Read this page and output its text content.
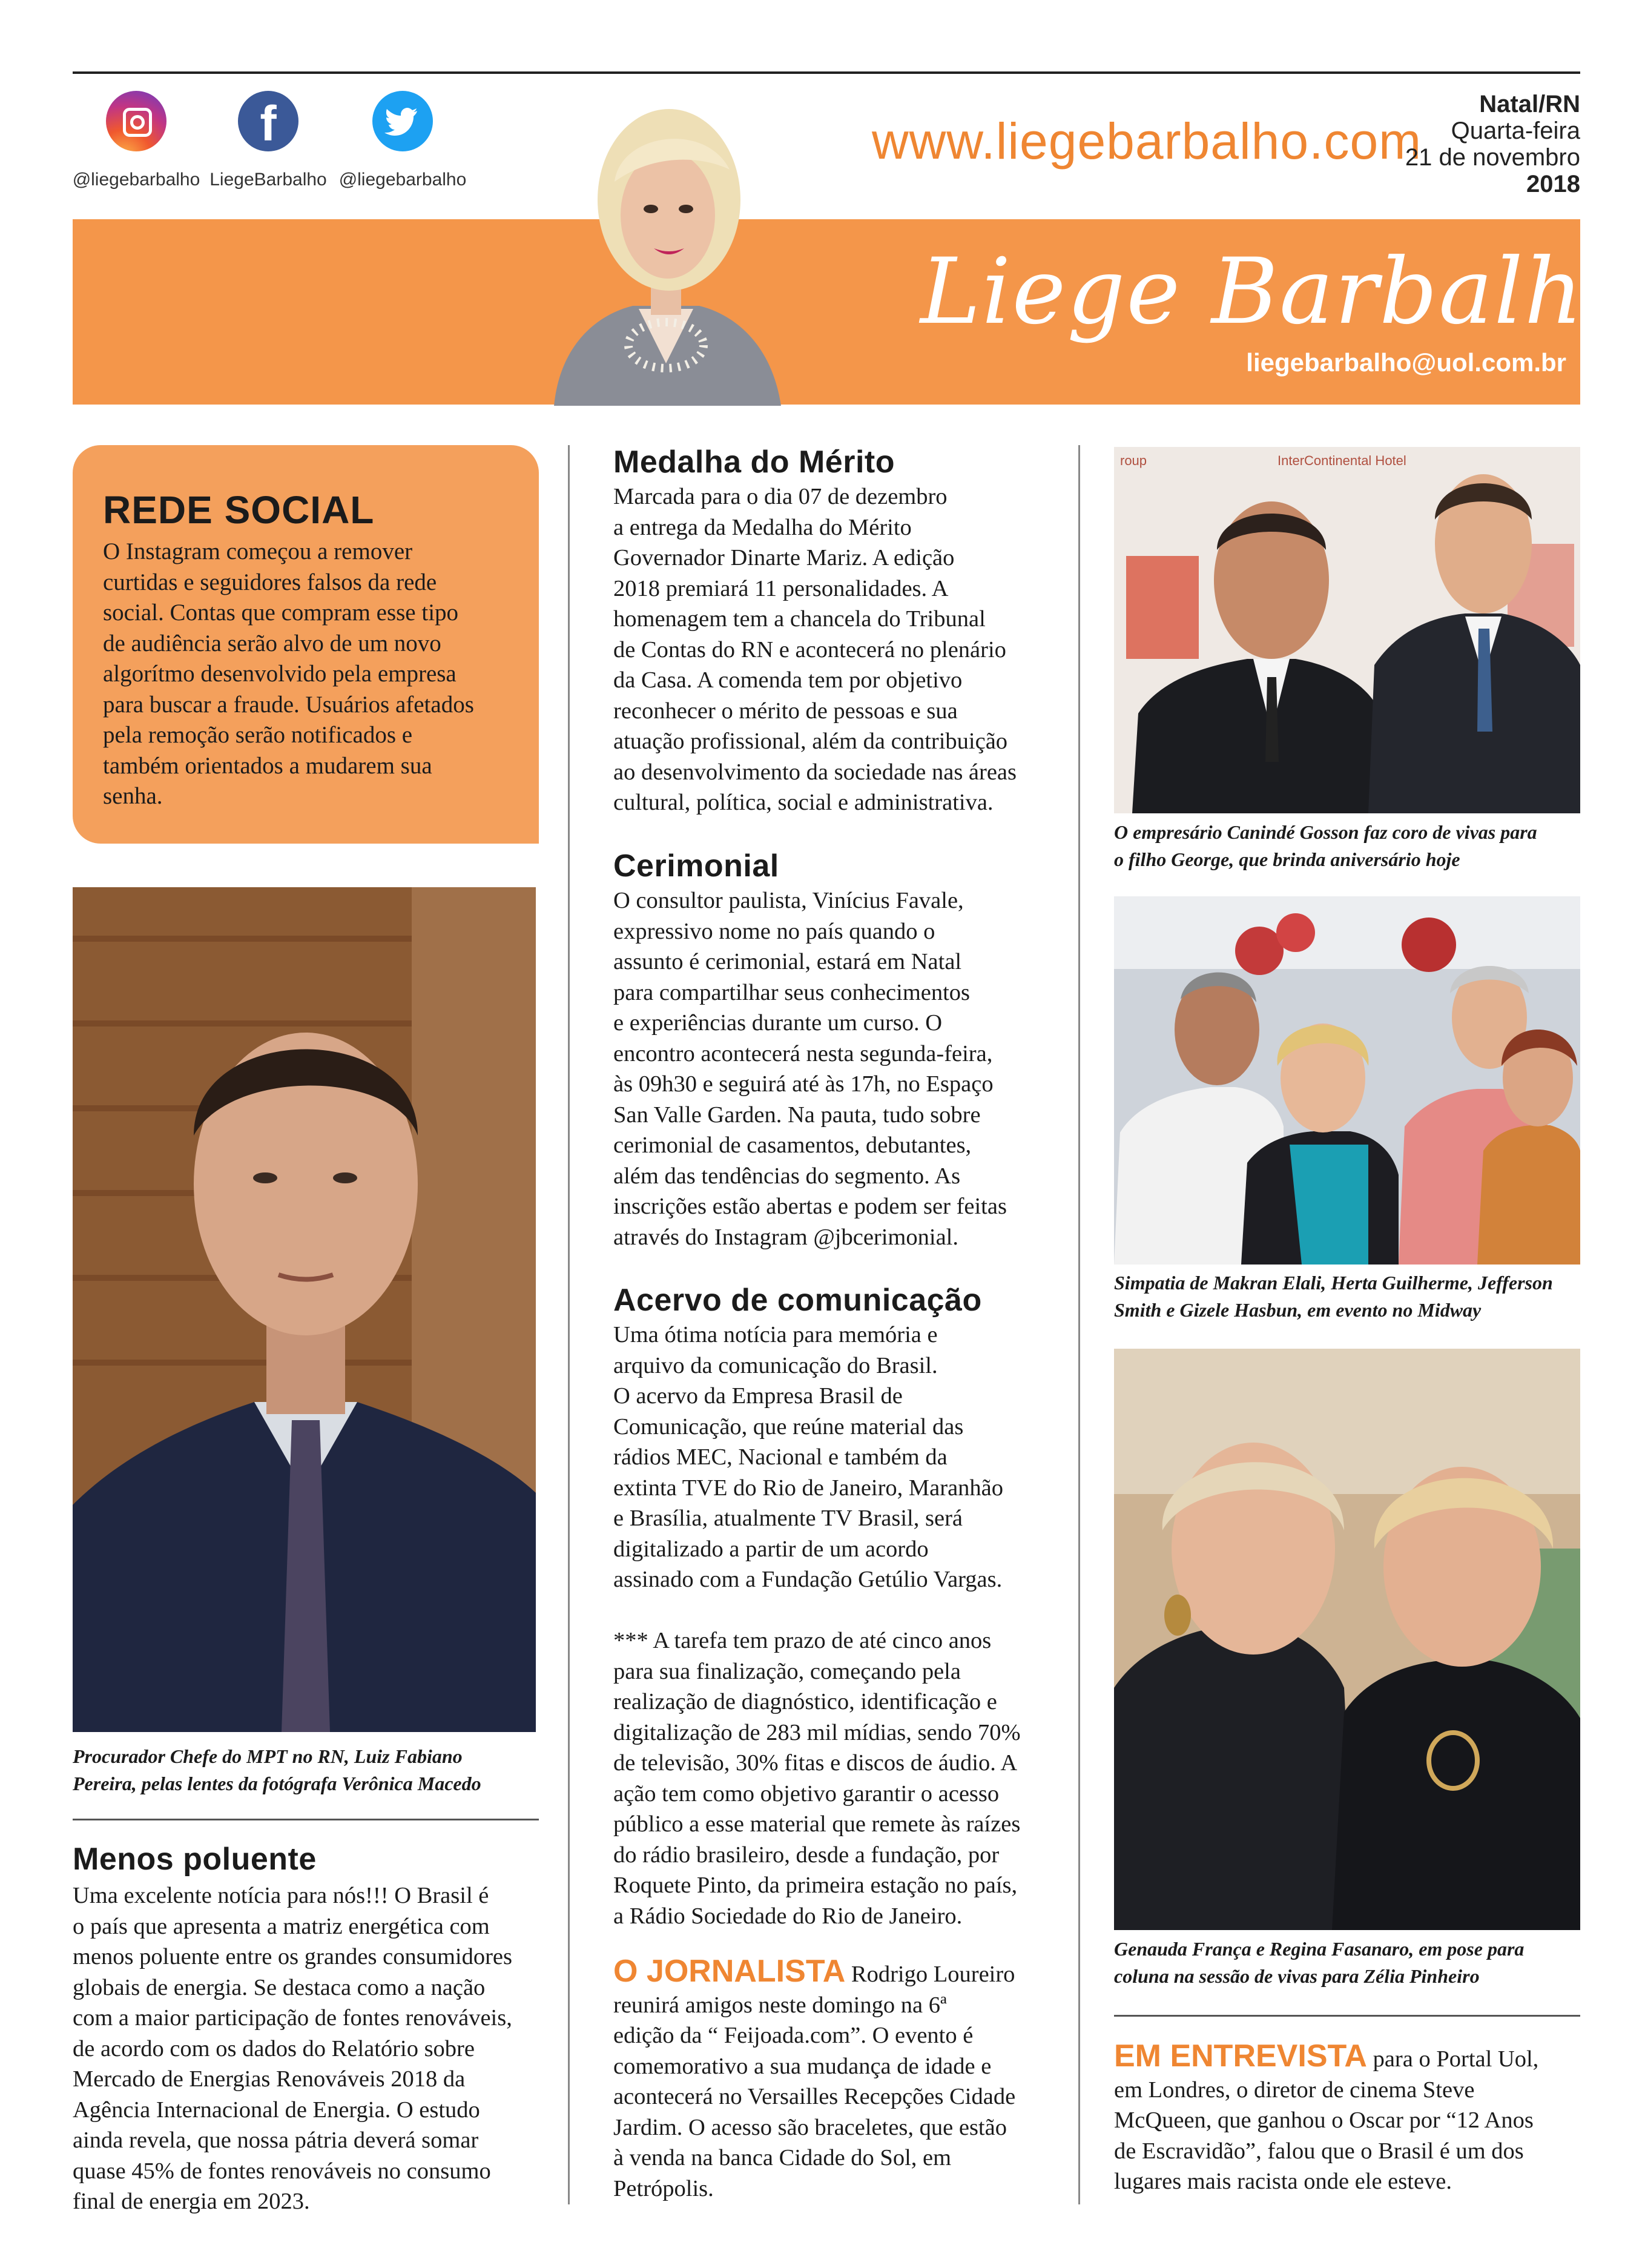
@liegebarbalho
f
LiegeBarbalho @liegebarbalho
www.liegebarbalho.com
Natal/RN
Quarta-feira
21 de novembro
2018
Liege Barbalho
liegebarbalho@uol.com.br
REDE SOCIAL
O Instagram começou a remover
curtidas e seguidores falsos da rede
social. Contas que compram esse tipo
de audiência serão alvo de um novo
algorítmo desenvolvido pela empresa
para buscar a fraude. Usuários afetados
pela remoção serão notificados e
também orientados a mudarem sua
senha.
Procurador Chefe do MPT no RN, Luiz Fabiano
Pereira, pelas lentes da fotógrafa Verônica Macedo
Menos poluente
Uma excelente notícia para nós!!! O Brasil é
o país que apresenta a matriz energética com
menos poluente entre os grandes consumidores
globais de energia. Se destaca como a nação
com a maior participação de fontes renováveis,
de acordo com os dados do Relatório sobre
Mercado de Energias Renováveis 2018 da
Agência Internacional de Energia. O estudo
ainda revela, que nossa pátria deverá somar
quase 45% de fontes renováveis no consumo
final de energia em 2023.
Medalha do Mérito
Marcada para o dia 07 de dezembro
a entrega da Medalha do Mérito
Governador Dinarte Mariz. A edição
2018 premiará 11 personalidades. A
homenagem tem a chancela do Tribunal
de Contas do RN e acontecerá no plenário
da Casa. A comenda tem por objetivo
reconhecer o mérito de pessoas e sua
atuação profissional, além da contribuição
ao desenvolvimento da sociedade nas áreas
cultural, política, social e administrativa.
Cerimonial
O consultor paulista, Vinícius Favale,
expressivo nome no país quando o
assunto é cerimonial, estará em Natal
para compartilhar seus conhecimentos
e experiências durante um curso. O
encontro acontecerá nesta segunda-feira,
às 09h30 e seguirá até às 17h, no Espaço
San Valle Garden. Na pauta, tudo sobre
cerimonial de casamentos, debutantes,
além das tendências do segmento. As
inscrições estão abertas e podem ser feitas
através do Instagram @jbcerimonial.
Acervo de comunicação
Uma ótima notícia para memória e
arquivo da comunicação do Brasil.
O acervo da Empresa Brasil de
Comunicação, que reúne material das
rádios MEC, Nacional e também da
extinta TVE do Rio de Janeiro, Maranhão
e Brasília, atualmente TV Brasil, será
digitalizado a partir de um acordo
assinado com a Fundação Getúlio Vargas.
*** A tarefa tem prazo de até cinco anos
para sua finalização, começando pela
realização de diagnóstico, identificação e
digitalização de 283 mil mídias, sendo 70%
de televisão, 30% fitas e discos de áudio. A
ação tem como objetivo garantir o acesso
público a esse material que remete às raízes
do rádio brasileiro, desde a fundação, por
Roquete Pinto, da primeira estação no país,
a Rádio Sociedade do Rio de Janeiro.
O JORNALISTA Rodrigo Loureiro
reunirá amigos neste domingo na 6ª
edição da “ Feijoada.com”. O evento é
comemorativo a sua mudança de idade e
acontecerá no Versailles Recepções Cidade
Jardim. O acesso são braceletes, que estão
à venda na banca Cidade do Sol, em
Petrópolis.
roup	InterContinental Hotel
O empresário Canindé Gosson faz coro de vivas para
o filho George, que brinda aniversário hoje
Simpatia de Makran Elali, Herta Guilherme, Jefferson
Smith e Gizele Hasbun, em evento no Midway
Genauda França e Regina Fasanaro, em pose para
coluna na sessão de vivas para Zélia Pinheiro
EM ENTREVISTA para o Portal Uol,
em Londres, o diretor de cinema Steve
McQueen, que ganhou o Oscar por “12 Anos
de Escravidão”, falou que o Brasil é um dos
lugares mais racista onde ele esteve.
